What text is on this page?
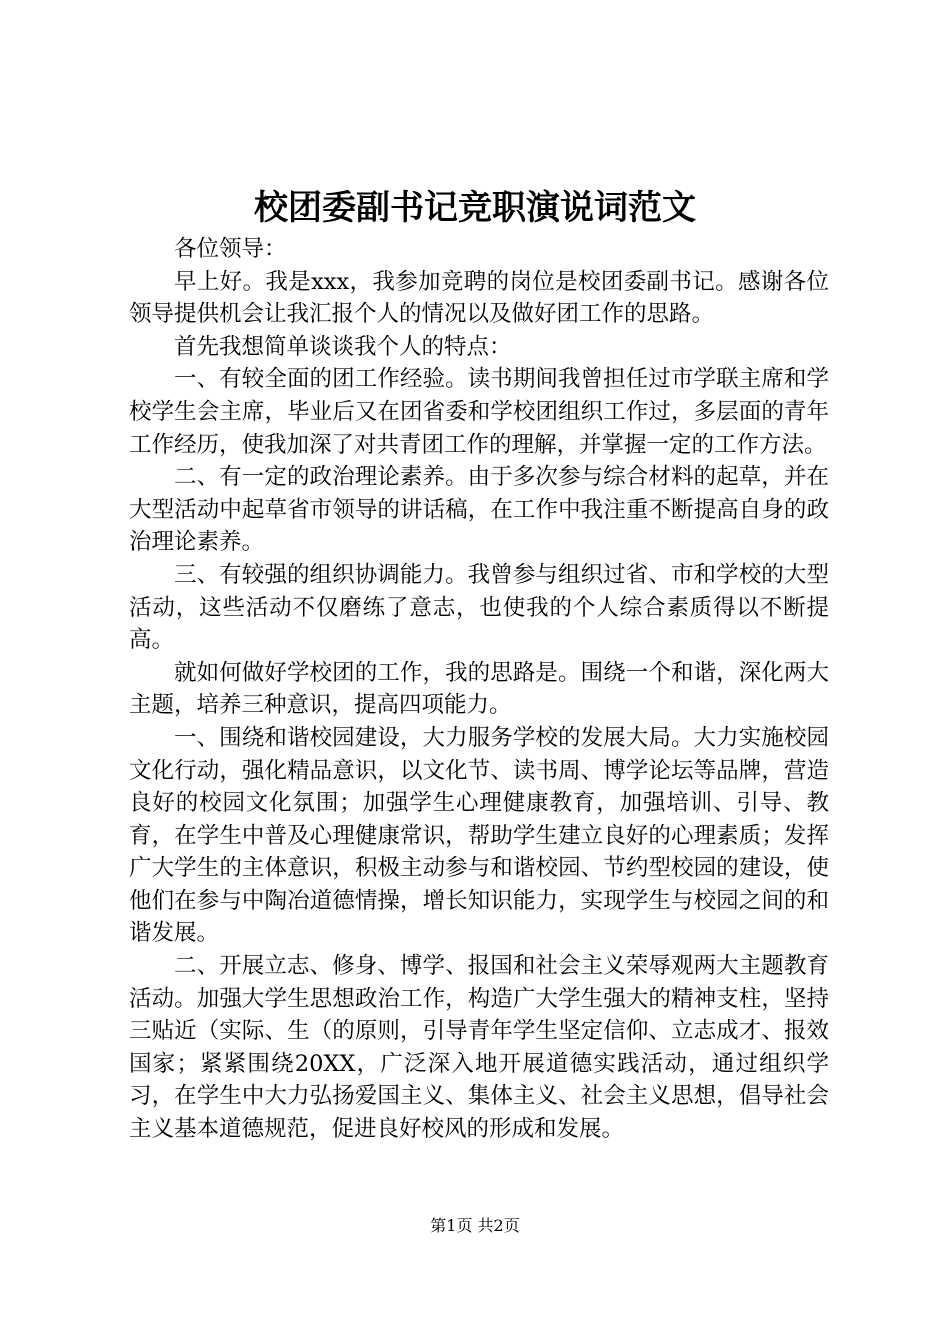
校团委副书记竞职演说词范文

各位领导：

早上好。我是xxx，我参加竞聘的岗位是校团委副书记。感谢各位领导提供机会让我汇报个人的情况以及做好团工作的思路。

首先我想简单谈谈我个人的特点：

一、有较全面的团工作经验。读书期间我曾担任过市学联主席和学校学生会主席，毕业后又在团省委和学校团组织工作过，多层面的青年工作经历，使我加深了对共青团工作的理解，并掌握一定的工作方法。

二、有一定的政治理论素养。由于多次参与综合材料的起草，并在大型活动中起草省市领导的讲话稿，在工作中我注重不断提高自身的政治理论素养。

三、有较强的组织协调能力。我曾参与组织过省、市和学校的大型活动，这些活动不仅磨练了意志，也使我的个人综合素质得以不断提高。

就如何做好学校团的工作，我的思路是。围绕一个和谐，深化两大主题，培养三种意识，提高四项能力。

一、围绕和谐校园建设，大力服务学校的发展大局。大力实施校园文化行动，强化精品意识，以文化节、读书周、博学论坛等品牌，营造良好的校园文化氛围；加强学生心理健康教育，加强培训、引导、教育，在学生中普及心理健康常识，帮助学生建立良好的心理素质；发挥广大学生的主体意识，积极主动参与和谐校园、节约型校园的建设，使他们在参与中陶冶道德情操，增长知识能力，实现学生与校园之间的和谐发展。

二、开展立志、修身、博学、报国和社会主义荣辱观两大主题教育活动。加强大学生思想政治工作，构造广大学生强大的精神支柱，坚持三贴近（实际、生（的原则，引导青年学生坚定信仰、立志成才、报效国家；紧紧围绕20XX，广泛深入地开展道德实践活动，通过组织学习，在学生中大力弘扬爱国主义、集体主义、社会主义思想，倡导社会主义基本道德规范，促进良好校风的形成和发展。

第1页 共2页
